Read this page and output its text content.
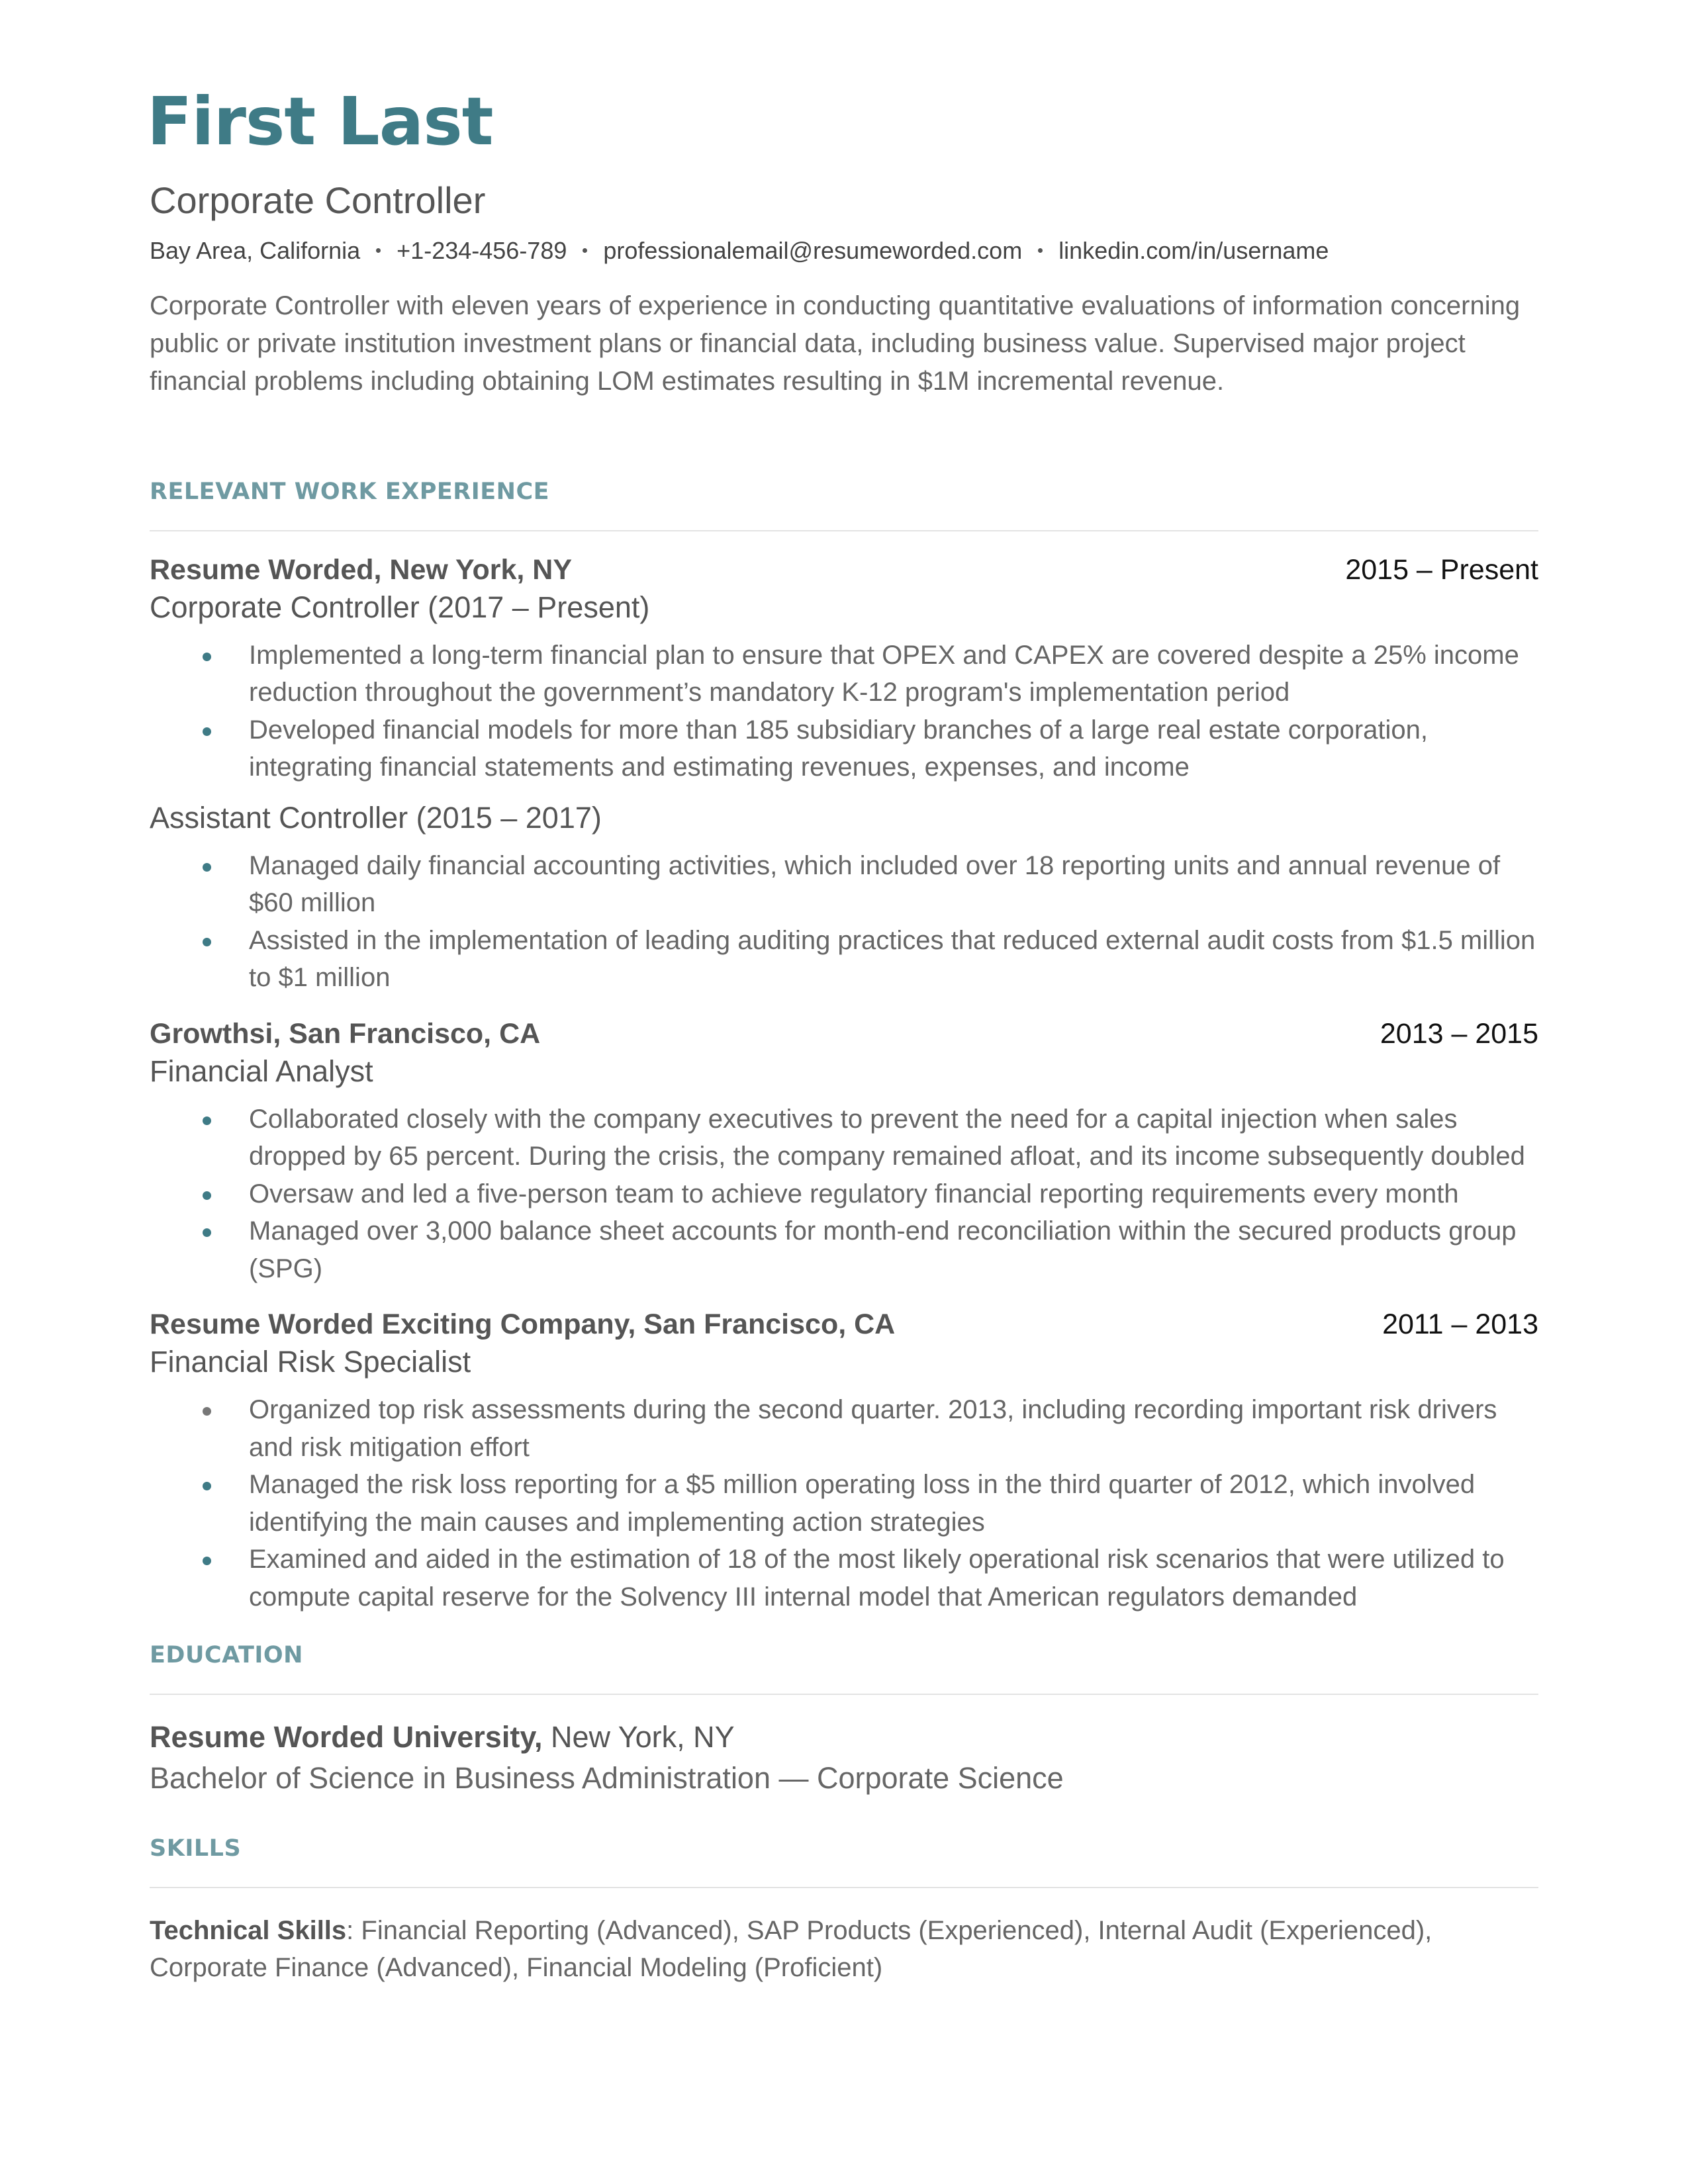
First Last
Corporate Controller
Bay Area, California +1-234-456-789 professionalemail@resumeworded.com linkedin.com/in/username
Corporate Controller with eleven years of experience in conducting quantitative evaluations of information concerning public or private institution investment plans or financial data, including business value. Supervised major project financial problems including obtaining LOM estimates resulting in $1M incremental revenue.
RELEVANT WORK EXPERIENCE
Resume Worded, New York, NY	2015 – Present
Corporate Controller (2017 – Present)
Implemented a long-term financial plan to ensure that OPEX and CAPEX are covered despite a 25% income reduction throughout the government’s mandatory K-12 program's implementation period
Developed financial models for more than 185 subsidiary branches of a large real estate corporation, integrating financial statements and estimating revenues, expenses, and income
Assistant Controller (2015 – 2017)
Managed daily financial accounting activities, which included over 18 reporting units and annual revenue of $60 million
Assisted in the implementation of leading auditing practices that reduced external audit costs from $1.5 million to $1 million
Growthsi, San Francisco, CA	2013 – 2015
Financial Analyst
Collaborated closely with the company executives to prevent the need for a capital injection when sales dropped by 65 percent. During the crisis, the company remained afloat, and its income subsequently doubled
Oversaw and led a five-person team to achieve regulatory financial reporting requirements every month
Managed over 3,000 balance sheet accounts for month-end reconciliation within the secured products group (SPG)
Resume Worded Exciting Company, San Francisco, CA	2011 – 2013
Financial Risk Specialist
Organized top risk assessments during the second quarter. 2013, including recording important risk drivers and risk mitigation effort
Managed the risk loss reporting for a $5 million operating loss in the third quarter of 2012, which involved identifying the main causes and implementing action strategies
Examined and aided in the estimation of 18 of the most likely operational risk scenarios that were utilized to compute capital reserve for the Solvency III internal model that American regulators demanded
EDUCATION
Resume Worded University, New York, NY
Bachelor of Science in Business Administration — Corporate Science
SKILLS
Technical Skills: Financial Reporting (Advanced), SAP Products (Experienced), Internal Audit (Experienced), Corporate Finance (Advanced), Financial Modeling (Proficient)
